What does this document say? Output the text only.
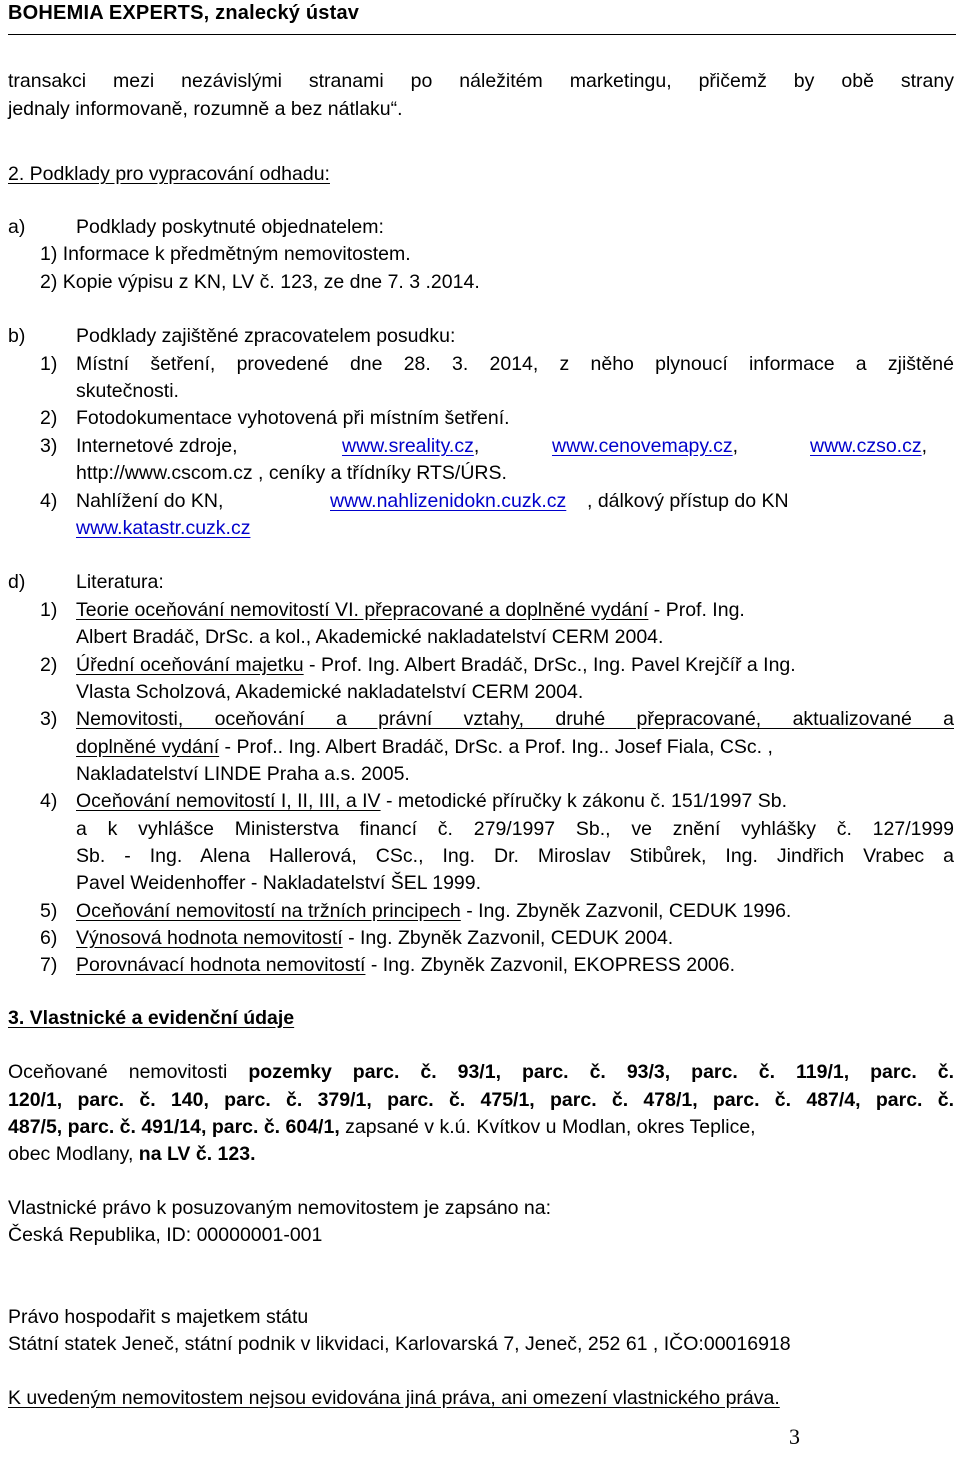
BOHEMIA EXPERTS, znalecký ústav
transakci mezi nezávislými stranami po náležitém marketingu, přičemž by obě strany
jednaly informovaně, rozumně a bez nátlaku“.
2. Podklady pro vypracování odhadu:
a)	Podklady poskytnuté objednatelem:
1) Informace k předmětným nemovitostem.
2) Kopie výpisu z KN, LV č. 123, ze dne 7. 3 .2014.
b)	Podklady zajištěné zpracovatelem posudku:
1) Místní šetření, provedené dne 28. 3. 2014, z něho plynoucí informace a zjištěné
skutečnosti.
2) Fotodokumentace vyhotovená při místním šetření.
3) Internetové zdroje,	www.sreality.cz,	www.cenovemapy.cz,	www.czso.cz,
http://www.cscom.cz , ceníky a třídníky RTS/ÚRS.
4) Nahlížení do KN,	www.nahlizenidokn.cuzk.cz , dálkový přístup do KN
www.katastr.cuzk.cz
d)	Literatura:
1) Teorie oceňování nemovitostí VI. přepracované a doplněné vydání - Prof. Ing.
Albert Bradáč, DrSc. a kol., Akademické nakladatelství CERM 2004.
2) Úřední oceňování majetku - Prof. Ing. Albert Bradáč, DrSc., Ing. Pavel Krejčíř a Ing.
Vlasta Scholzová, Akademické nakladatelství CERM 2004.
3) Nemovitosti, oceňování a právní vztahy, druhé přepracované, aktualizované a
doplněné vydání - Prof.. Ing. Albert Bradáč, DrSc. a Prof. Ing.. Josef Fiala, CSc. ,
Nakladatelství LINDE Praha a.s. 2005.
4) Oceňování nemovitostí I, II, III, a IV - metodické příručky k zákonu č. 151/1997 Sb.
a k vyhlášce Ministerstva financí č. 279/1997 Sb., ve znění vyhlášky č. 127/1999
Sb. - Ing. Alena Hallerová, CSc., Ing. Dr. Miroslav Stibůrek, Ing. Jindřich Vrabec a
Pavel Weidenhoffer - Nakladatelství ŠEL 1999.
5) Oceňování nemovitostí na tržních principech - Ing. Zbyněk Zazvonil, CEDUK 1996.
6) Výnosová hodnota nemovitostí - Ing. Zbyněk Zazvonil, CEDUK 2004.
7) Porovnávací hodnota nemovitostí - Ing. Zbyněk Zazvonil, EKOPRESS 2006.
3. Vlastnické a evidenční údaje
Oceňované nemovitosti pozemky parc. č. 93/1, parc. č. 93/3, parc. č. 119/1, parc. č.
120/1, parc. č. 140, parc. č. 379/1, parc. č. 475/1, parc. č. 478/1, parc. č. 487/4, parc. č.
487/5, parc. č. 491/14, parc. č. 604/1, zapsané v k.ú. Kvítkov u Modlan, okres Teplice,
obec Modlany, na LV č. 123.
Vlastnické právo k posuzovaným nemovitostem je zapsáno na:
Česká Republika, ID: 00000001-001
Právo hospodařit s majetkem státu
Státní statek Jeneč, státní podnik v likvidaci, Karlovarská 7, Jeneč, 252 61 , IČO:00016918
K uvedeným nemovitostem nejsou evidována jiná práva, ani omezení vlastnického práva.
3
